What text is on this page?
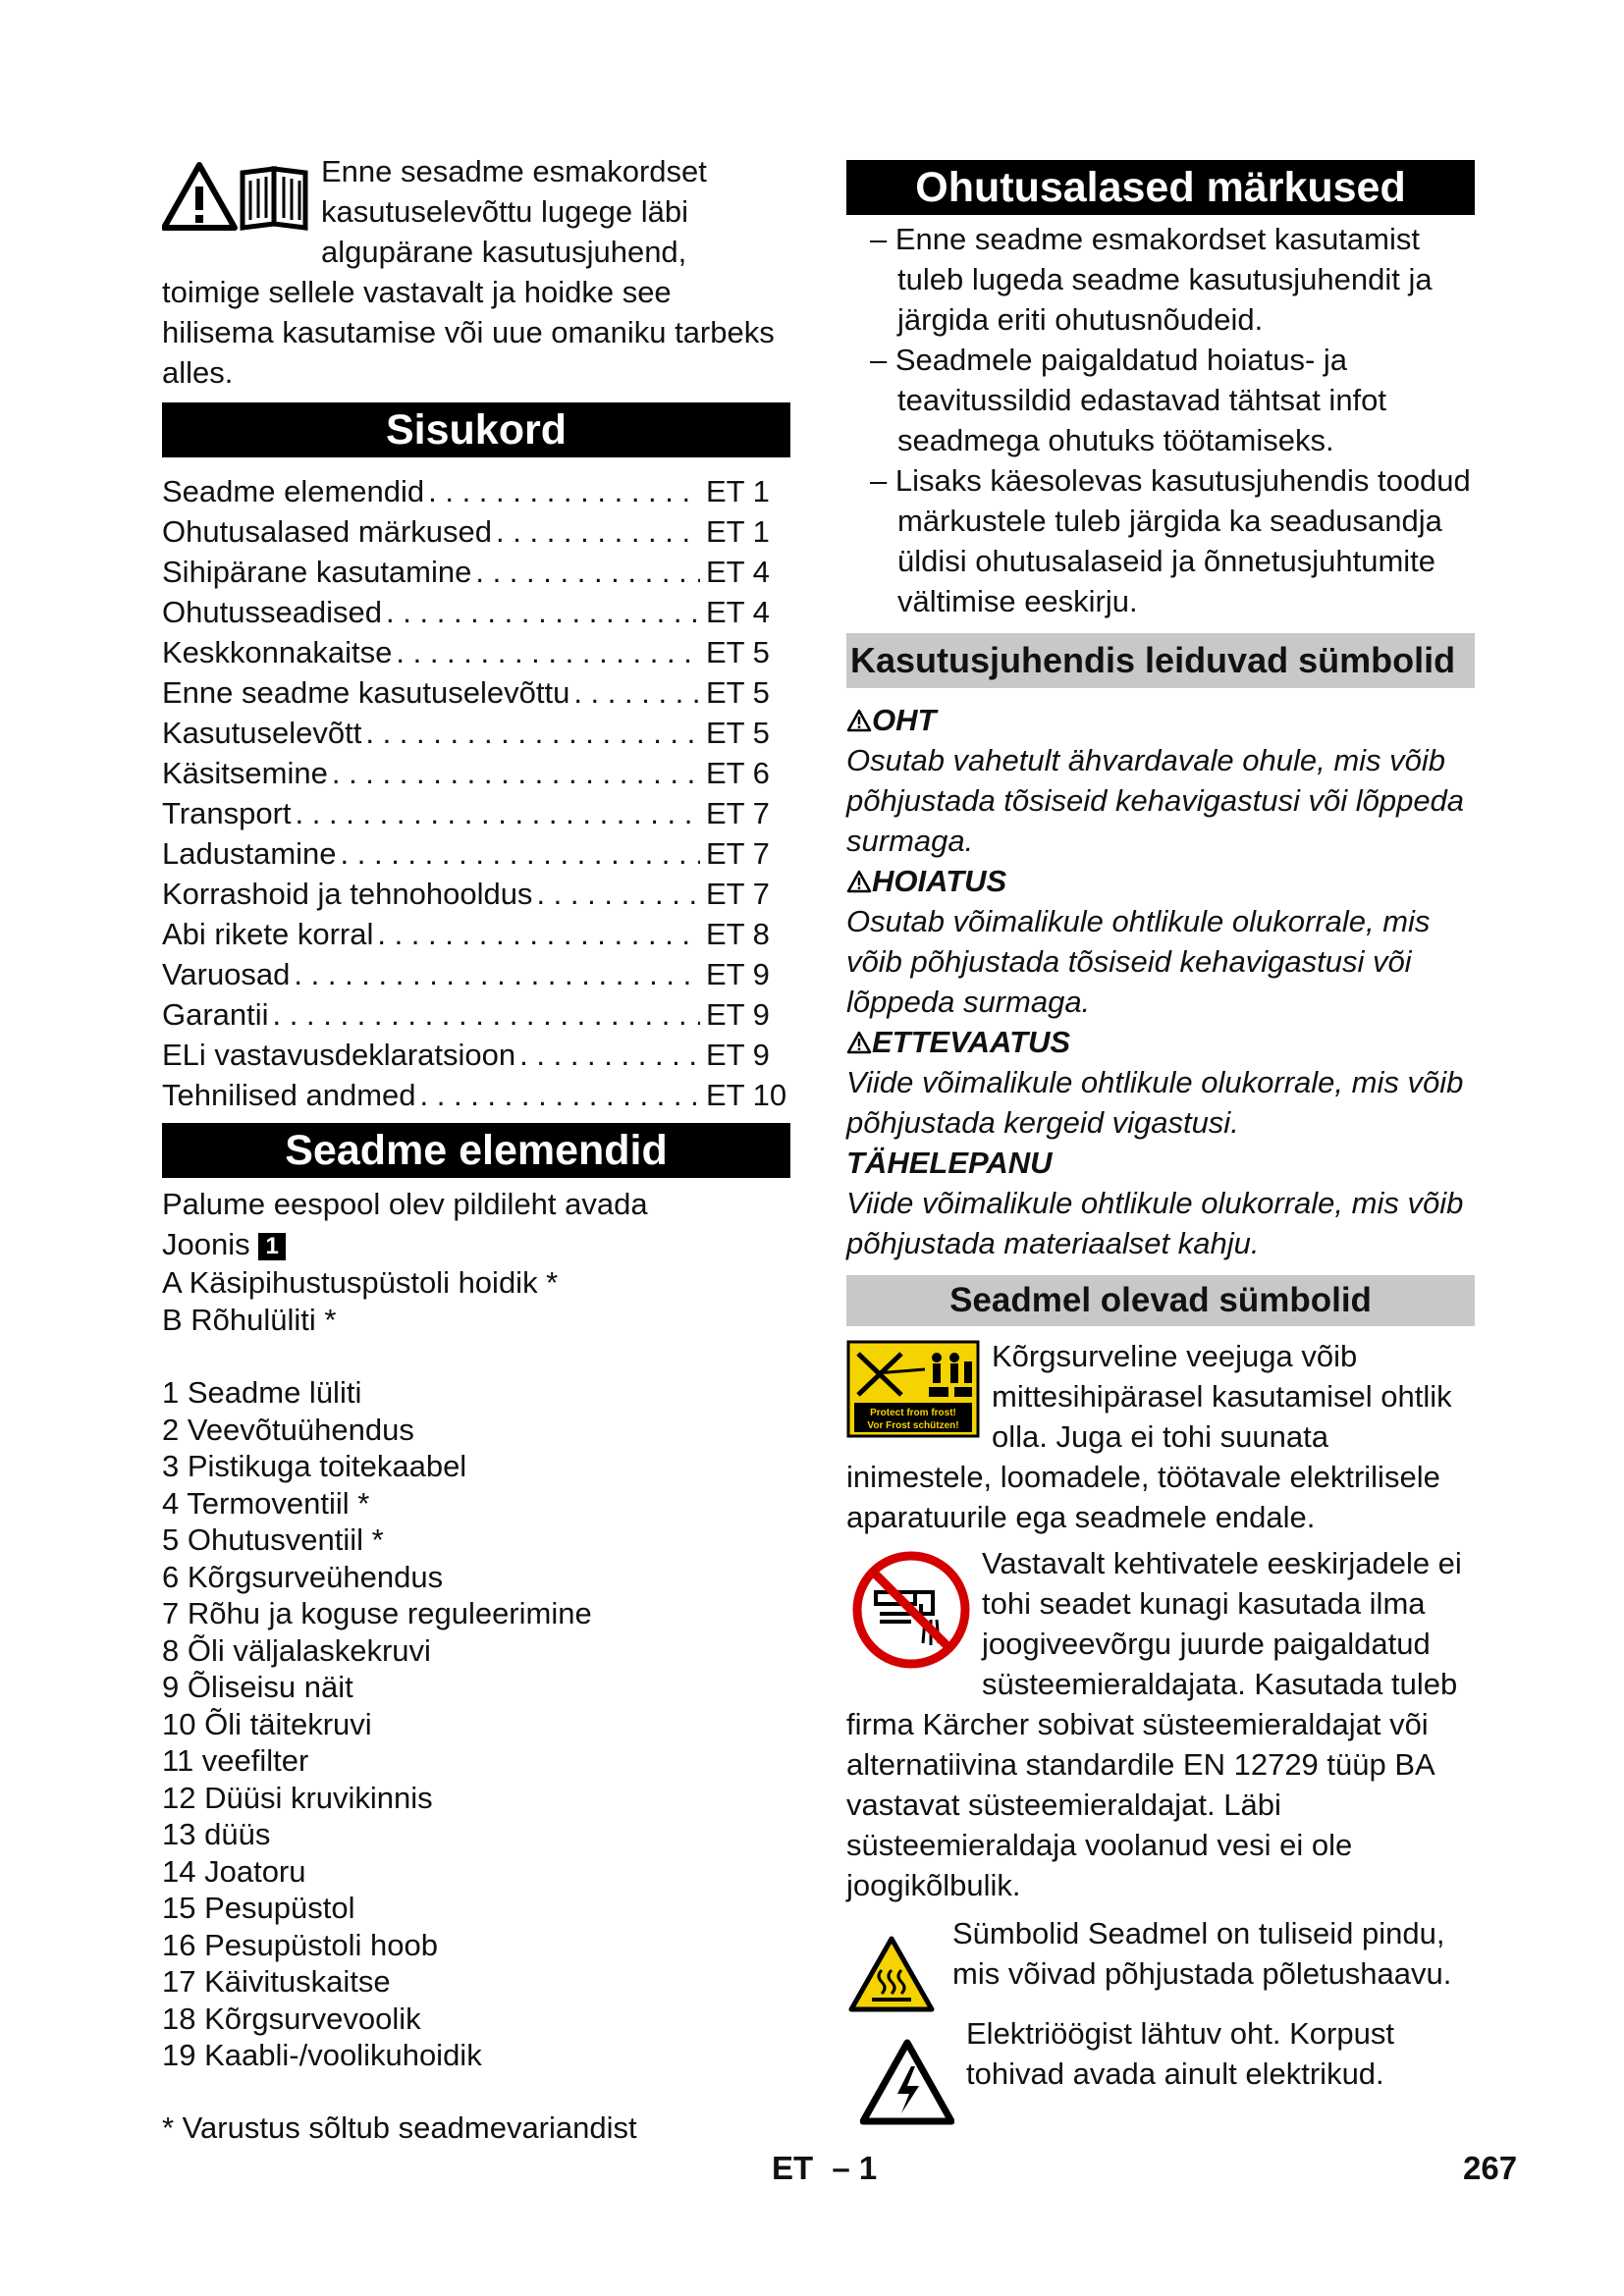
Enne sesadme esmakordset kasutuselevõttu lugege läbi algupärane kasutusjuhend, toimige sellele vastavalt ja hoidke see hilisema kasutamise või uue omaniku tarbeks alles.
Sisukord
Seadme elemendid . . .	ET 1
Ohutusalased märkused . . .	ET 1
Sihipärane kasutamine . . .	ET 4
Ohutusseadised . . .	ET 4
Keskkonnakaitse . . .	ET 5
Enne seadme kasutuselevõttu . . .	ET 5
Kasutuselevõtt . . .	ET 5
Käsitsemine . . .	ET 6
Transport . . .	ET 7
Ladustamine . . .	ET 7
Korrashoid ja tehnohooldus . . .	ET 7
Abi rikete korral . . .	ET 8
Varuosad . . .	ET 9
Garantii . . .	ET 9
ELi vastavusdeklaratsioon . . .	ET 9
Tehnilised andmed . . .	ET 10
Seadme elemendid
Palume eespool olev pildileht avada
Joonis 1
A Käsipihustuspüstoli hoidik *
B Rõhulüliti *
1 Seadme lüliti
2 Veevõtuühendus
3 Pistikuga toitekaabel
4 Termoventiil *
5 Ohutusventiil *
6 Kõrgsurveühendus
7 Rõhu ja koguse reguleerimine
8 Õli väljalaskekruvi
9 Õliseisu näit
10 Õli täitekruvi
11 veefilter
12 Düüsi kruvikinnis
13 düüs
14 Joatoru
15 Pesupüstol
16 Pesupüstoli hoob
17 Käivituskaitse
18 Kõrgsurvevoolik
19 Kaabli-/voolikuhoidik
* Varustus sõltub seadmevariandist
Ohutusalased märkused
– Enne seadme esmakordset kasutamist tuleb lugeda seadme kasutusjuhendit ja järgida eriti ohutusnõudeid.
– Seadmele paigaldatud hoiatus- ja teavitussildid edastavad tähtsat infot seadmega ohutuks töötamiseks.
– Lisaks käesolevas kasutusjuhendis toodud märkustele tuleb järgida ka seadusandja üldisi ohutusalaseid ja õnnetusjuhtumite vältimise eeskirju.
Kasutusjuhendis leiduvad sümbolid
OHT
Osutab vahetult ähvardavale ohule, mis võib põhjustada tõsiseid kehavigastusi või lõppeda surmaga.
HOIATUS
Osutab võimalikule ohtlikule olukorrale, mis võib põhjustada tõsiseid kehavigastusi või lõppeda surmaga.
ETTEVAATUS
Viide võimalikule ohtlikule olukorrale, mis võib põhjustada kergeid vigastusi.
TÄHELEPANU
Viide võimalikule ohtlikule olukorrale, mis võib põhjustada materiaalset kahju.
Seadmel olevad sümbolid
Protect from frost!
Vor Frost schützen!
Kõrgsurveline veejuga võib mittesihipärasel kasutamisel ohtlik olla. Juga ei tohi suunata inimestele, loomadele, töötavale elektrilisele aparatuurile ega seadmele endale.
Vastavalt kehtivatele eeskirjadele ei tohi seadet kunagi kasutada ilma joogiveevõrgu juurde paigaldatud süsteemieraldajata. Kasutada tuleb firma Kärcher sobivat süsteemieraldajat või alternatiivina standardile EN 12729 tüüp BA vastavat süsteemieraldajat. Läbi süsteemieraldaja voolanud vesi ei ole joogikõlbulik.
Sümbolid Seadmel on tuliseid pindu, mis võivad põhjustada põletushaavu.
Elektriöögist lähtuv oht. Korpust tohivad avada ainult elektrikud.
ET – 1	267
